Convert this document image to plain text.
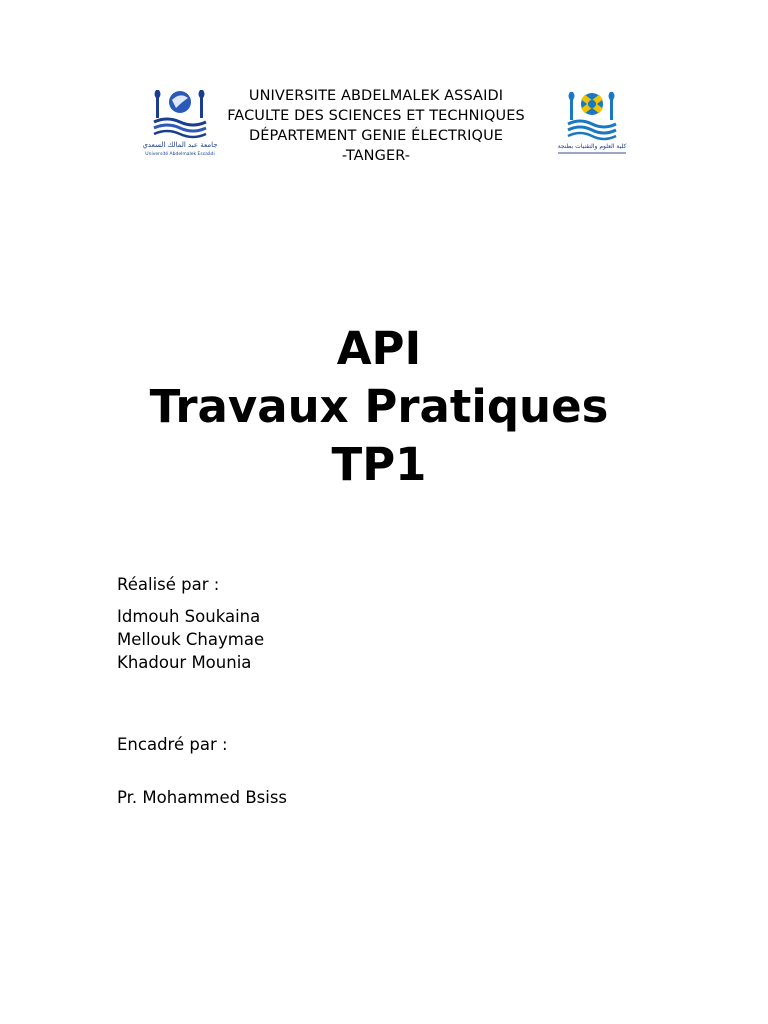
جامعة عبد المالك السعدي
Université Abdelmalek Essaâdi
UNIVERSITE ABDELMALEK ASSAIDI
FACULTE DES SCIENCES ET TECHNIQUES
DÉPARTEMENT GENIE ÉLECTRIQUE
-TANGER-
كلية العلوم والتقنيات بطنجة
API
Travaux Pratiques
TP1
Réalisé par :
Idmouh Soukaina
Mellouk Chaymae
Khadour Mounia
Encadré par :
Pr. Mohammed Bsiss
